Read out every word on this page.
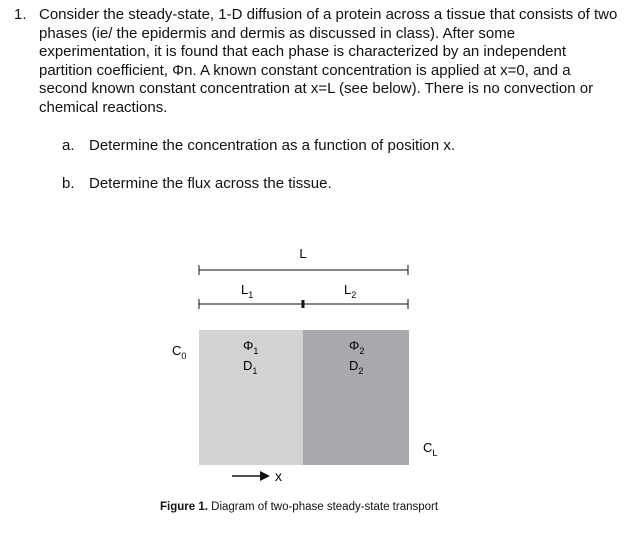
1. Consider the steady-state, 1-D diffusion of a protein across a tissue that consists of two phases (ie/ the epidermis and dermis as discussed in class). After some experimentation, it is found that each phase is characterized by an independent partition coefficient, Φn. A known constant concentration is applied at x=0, and a second known constant concentration at x=L (see below). There is no convection or chemical reactions.
a. Determine the concentration as a function of position x.
b. Determine the flux across the tissue.
L
$L_1$	$L_2$
$C_0$
$C_L$
$\Phi_1$
$D_1$
$\Phi_2$
$D_2$
x
Figure 1. Diagram of two-phase steady-state transport
